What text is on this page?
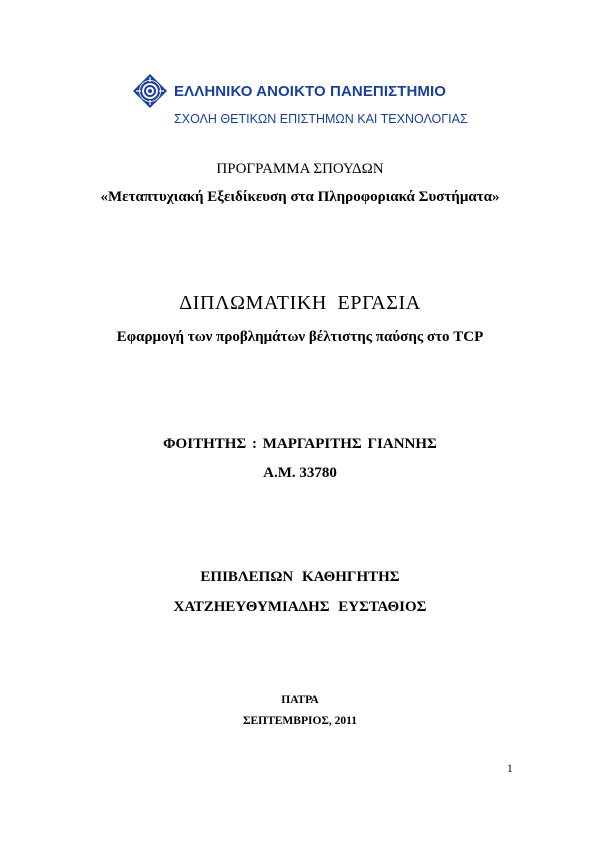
ΕΛΛΗΝΙΚΟ ΑΝΟΙΚΤΟ ΠΑΝΕΠΙΣΤΗΜΙΟ
ΣΧΟΛΗ ΘΕΤΙΚΩΝ ΕΠΙΣΤΗΜΩΝ ΚΑΙ ΤΕΧΝΟΛΟΓΙΑΣ
ΠΡΟΓΡΑΜΜΑ ΣΠΟΥΔΩΝ
«Μεταπτυχιακή Εξειδίκευση στα Πληροφοριακά Συστήματα»
ΔΙΠΛΩΜΑΤΙΚΗ ΕΡΓΑΣΙΑ
Εφαρμογή των προβλημάτων βέλτιστης παύσης στο TCP
ΦΟΙΤΗΤΗΣ : ΜΑΡΓΑΡΙΤΗΣ ΓΙΑΝΝΗΣ
Α.Μ. 33780
ΕΠΙΒΛΕΠΩΝ ΚΑΘΗΓΗΤΗΣ
ΧΑΤΖΗΕΥΘΥΜΙΑΔΗΣ ΕΥΣΤΑΘΙΟΣ
ΠΑΤΡΑ
ΣΕΠΤΕΜΒΡΙΟΣ, 2011
1
